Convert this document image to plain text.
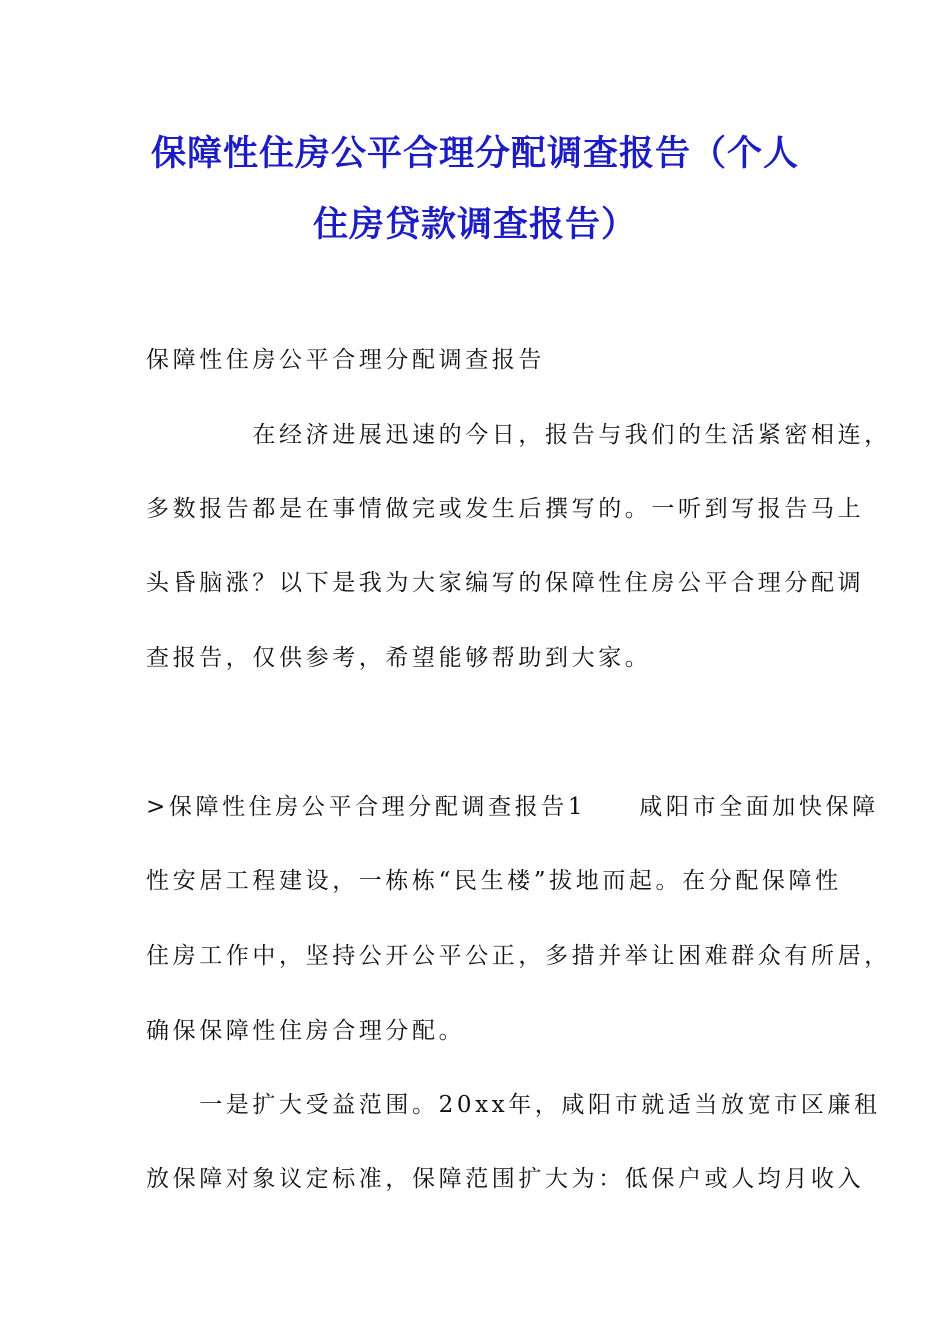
保障性住房公平合理分配调查报告（个人
住房贷款调查报告）
保障性住房公平合理分配调查报告
　　　　在经济进展迅速的今日，报告与我们的生活紧密相连，
多数报告都是在事情做完或发生后撰写的。一听到写报告马上
头昏脑涨？以下是我为大家编写的保障性住房公平合理分配调
查报告，仅供参考，希望能够帮助到大家。
>保障性住房公平合理分配调查报告1　　咸阳市全面加快保障
性安居工程建设，一栋栋“民生楼”拔地而起。在分配保障性
住房工作中，坚持公开公平公正，多措并举让困难群众有所居，
确保保障性住房合理分配。
　　一是扩大受益范围。20xx年，咸阳市就适当放宽市区廉租
放保障对象议定标准，保障范围扩大为：低保户或人均月收入
